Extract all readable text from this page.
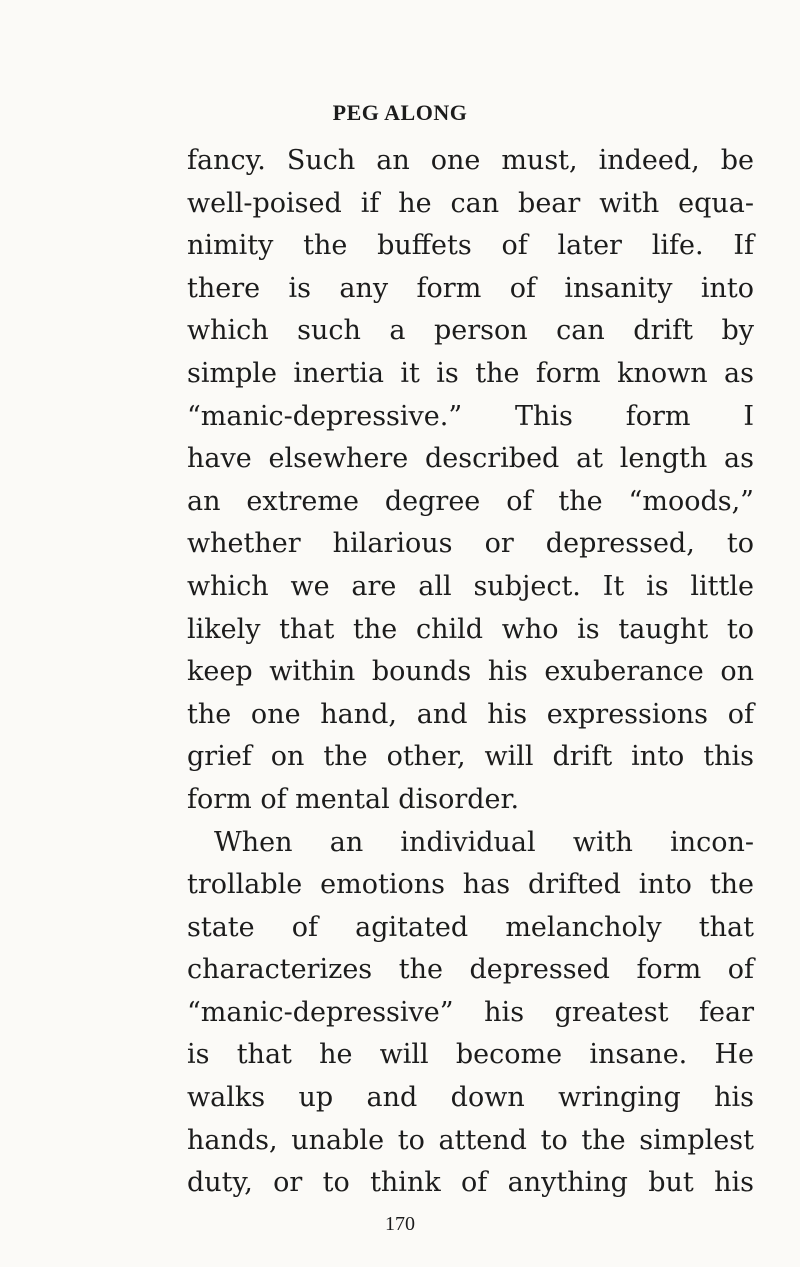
PEG ALONG
fancy. Such an one must, indeed, be
well-poised if he can bear with equa-
nimity the buffets of later life. If
there is any form of insanity into
which such a person can drift by
simple inertia it is the form known as
“manic-depressive.” This form I
have elsewhere described at length as
an extreme degree of the “moods,”
whether hilarious or depressed, to
which we are all subject. It is little
likely that the child who is taught to
keep within bounds his exuberance on
the one hand, and his expressions of
grief on the other, will drift into this
form of mental disorder.
When an individual with incon-
trollable emotions has drifted into the
state of agitated melancholy that
characterizes the depressed form of
“manic-depressive” his greatest fear
is that he will become insane. He
walks up and down wringing his
hands, unable to attend to the simplest
duty, or to think of anything but his
170
